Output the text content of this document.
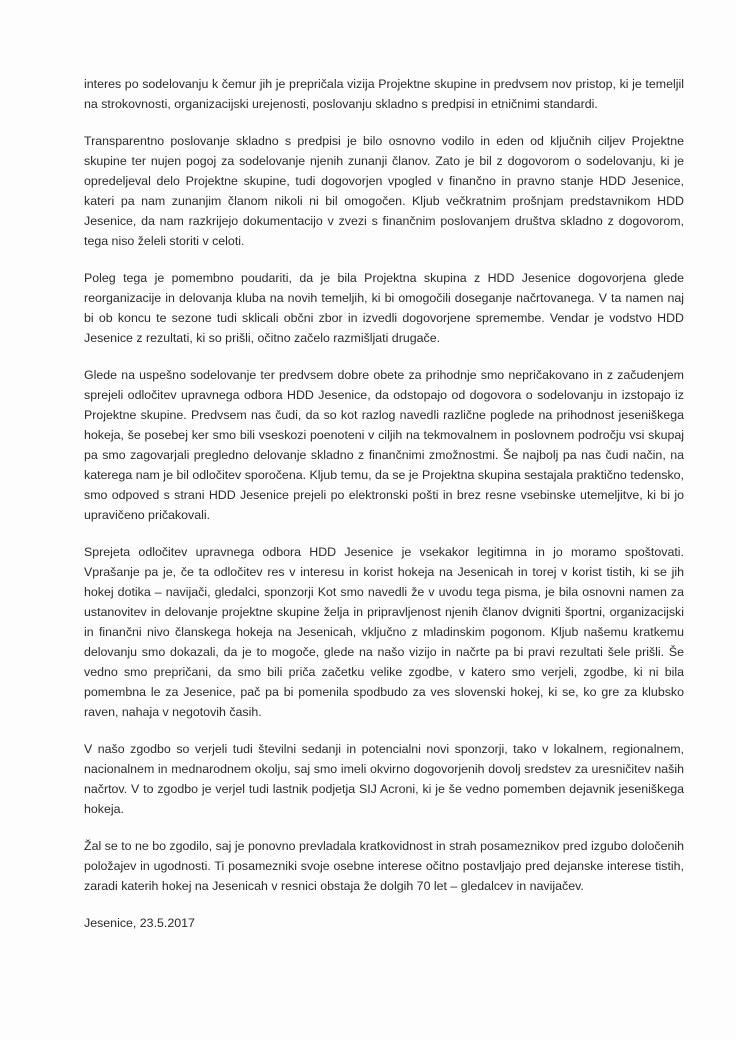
interes po sodelovanju k čemur jih je prepričala vizija Projektne skupine in predvsem nov pristop, ki je temeljil na strokovnosti, organizacijski urejenosti, poslovanju skladno s predpisi in etničnimi standardi.

Transparentno poslovanje skladno s predpisi je bilo osnovno vodilo in eden od ključnih ciljev Projektne skupine ter nujen pogoj za sodelovanje njenih zunanji članov. Zato je bil z dogovorom o sodelovanju, ki je opredeljeval delo Projektne skupine, tudi dogovorjen vpogled v finančno in pravno stanje HDD Jesenice, kateri pa nam zunanjim članom nikoli ni bil omogočen. Kljub večkratnim prošnjam predstavnikom HDD Jesenice, da nam razkrijejo dokumentacijo v zvezi s finančnim poslovanjem društva skladno z dogovorom, tega niso želeli storiti v celoti.

Poleg tega je pomembno poudariti, da je bila Projektna skupina z HDD Jesenice dogovorjena glede reorganizacije in delovanja kluba na novih temeljih, ki bi omogočili doseganje načrtovanega. V ta namen naj bi ob koncu te sezone tudi sklicali občni zbor in izvedli dogovorjene spremembe. Vendar je vodstvo HDD Jesenice z rezultati, ki so prišli, očitno začelo razmišljati drugače.

Glede na uspešno sodelovanje ter predvsem dobre obete za prihodnje smo nepričakovano in z začudenjem sprejeli odločitev upravnega odbora HDD Jesenice, da odstopajo od dogovora o sodelovanju in izstopajo iz Projektne skupine. Predvsem nas čudi, da so kot razlog navedli različne poglede na prihodnost jeseniškega hokeja, še posebej ker smo bili vseskozi poenoteni v ciljih na tekmovalnem in poslovnem področju vsi skupaj pa smo zagovarjali pregledno delovanje skladno z finančnimi zmožnostmi. Še najbolj pa nas čudi način, na katerega nam je bil odločitev sporočena. Kljub temu, da se je Projektna skupina sestajala praktično tedensko, smo odpoved s strani HDD Jesenice prejeli po elektronski pošti in brez resne vsebinske utemeljitve, ki bi jo upravičeno pričakovali.

Sprejeta odločitev upravnega odbora HDD Jesenice je vsekakor legitimna in jo moramo spoštovati. Vprašanje pa je, če ta odločitev res v interesu in korist hokeja na Jesenicah in torej v korist tistih, ki se jih hokej dotika – navijači, gledalci, sponzorji Kot smo navedli že v uvodu tega pisma, je bila osnovni namen za ustanovitev in delovanje projektne skupine želja in pripravljenost njenih članov dvigniti športni, organizacijski in finančni nivo članskega hokeja na Jesenicah, vključno z mladinskim pogonom. Kljub našemu kratkemu delovanju smo dokazali, da je to mogoče, glede na našo vizijo in načrte pa bi pravi rezultati šele prišli. Še vedno smo prepričani, da smo bili priča začetku velike zgodbe, v katero smo verjeli, zgodbe, ki ni bila pomembna le za Jesenice, pač pa bi pomenila spodbudo za ves slovenski hokej, ki se, ko gre za klubsko raven, nahaja v negotovih časih.

V našo zgodbo so verjeli tudi številni sedanji in potencialni novi sponzorji, tako v lokalnem, regionalnem, nacionalnem in mednarodnem okolju, saj smo imeli okvirno dogovorjenih dovolj sredstev za uresničitev naših načrtov. V to zgodbo je verjel tudi lastnik podjetja SIJ Acroni, ki je še vedno pomemben dejavnik jeseniškega hokeja.

Žal se to ne bo zgodilo, saj je ponovno prevladala kratkovidnost in strah posameznikov pred izgubo določenih položajev in ugodnosti. Ti posamezniki svoje osebne interese očitno postavljajo pred dejanske interese tistih, zaradi katerih hokej na Jesenicah v resnici obstaja že dolgih 70 let – gledalcev in navijačev.

Jesenice, 23.5.2017
